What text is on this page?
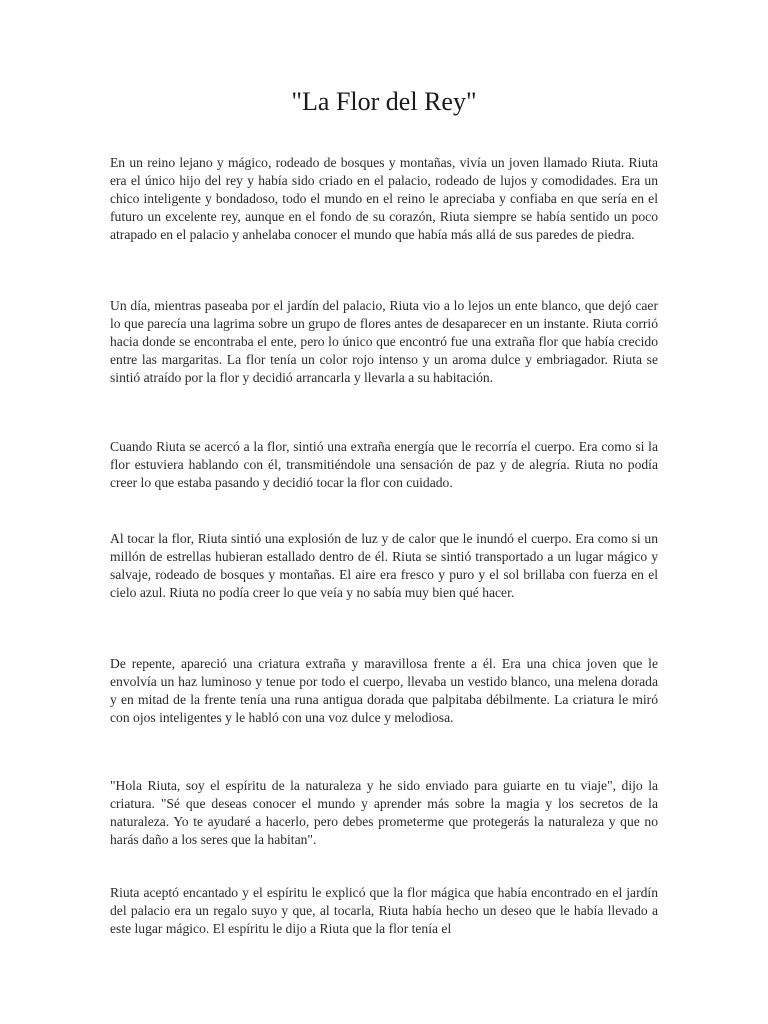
"La Flor del Rey"

En un reino lejano y mágico, rodeado de bosques y montañas, vivía un joven llamado Riuta. Riuta era el único hijo del rey y había sido criado en el palacio, rodeado de lujos y comodidades. Era un chico inteligente y bondadoso, todo el mundo en el reino le apreciaba y confiaba en que sería en el futuro un excelente rey, aunque en el fondo de su corazón, Riuta siempre se había sentido un poco atrapado en el palacio y anhelaba conocer el mundo que había más allá de sus paredes de piedra.

Un día, mientras paseaba por el jardín del palacio, Riuta vio a lo lejos un ente blanco, que dejó caer lo que parecía una lagrima sobre un grupo de flores antes de desaparecer en un instante. Riuta corrió hacia donde se encontraba el ente, pero lo único que encontró fue una extraña flor que había crecido entre las margaritas. La flor tenía un color rojo intenso y un aroma dulce y embriagador. Riuta se sintió atraído por la flor y decidió arrancarla y llevarla a su habitación.

Cuando Riuta se acercó a la flor, sintió una extraña energía que le recorría el cuerpo. Era como si la flor estuviera hablando con él, transmitiéndole una sensación de paz y de alegría. Riuta no podía creer lo que estaba pasando y decidió tocar la flor con cuidado.

Al tocar la flor, Riuta sintió una explosión de luz y de calor que le inundó el cuerpo. Era como si un millón de estrellas hubieran estallado dentro de él. Riuta se sintió transportado a un lugar mágico y salvaje, rodeado de bosques y montañas. El aire era fresco y puro y el sol brillaba con fuerza en el cielo azul. Riuta no podía creer lo que veía y no sabía muy bien qué hacer.

De repente, apareció una criatura extraña y maravillosa frente a él. Era una chica joven que le envolvía un haz luminoso y tenue por todo el cuerpo, llevaba un vestido blanco, una melena dorada y en mitad de la frente tenía una runa antigua dorada que palpitaba débilmente. La criatura le miró con ojos inteligentes y le habló con una voz dulce y melodiosa.

"Hola Riuta, soy el espíritu de la naturaleza y he sido enviado para guiarte en tu viaje", dijo la criatura. "Sé que deseas conocer el mundo y aprender más sobre la magia y los secretos de la naturaleza. Yo te ayudaré a hacerlo, pero debes prometerme que protegerás la naturaleza y que no harás daño a los seres que la habitan".

Riuta aceptó encantado y el espíritu le explicó que la flor mágica que había encontrado en el jardín del palacio era un regalo suyo y que, al tocarla, Riuta había hecho un deseo que le había llevado a este lugar mágico. El espíritu le dijo a Riuta que la flor tenía el
